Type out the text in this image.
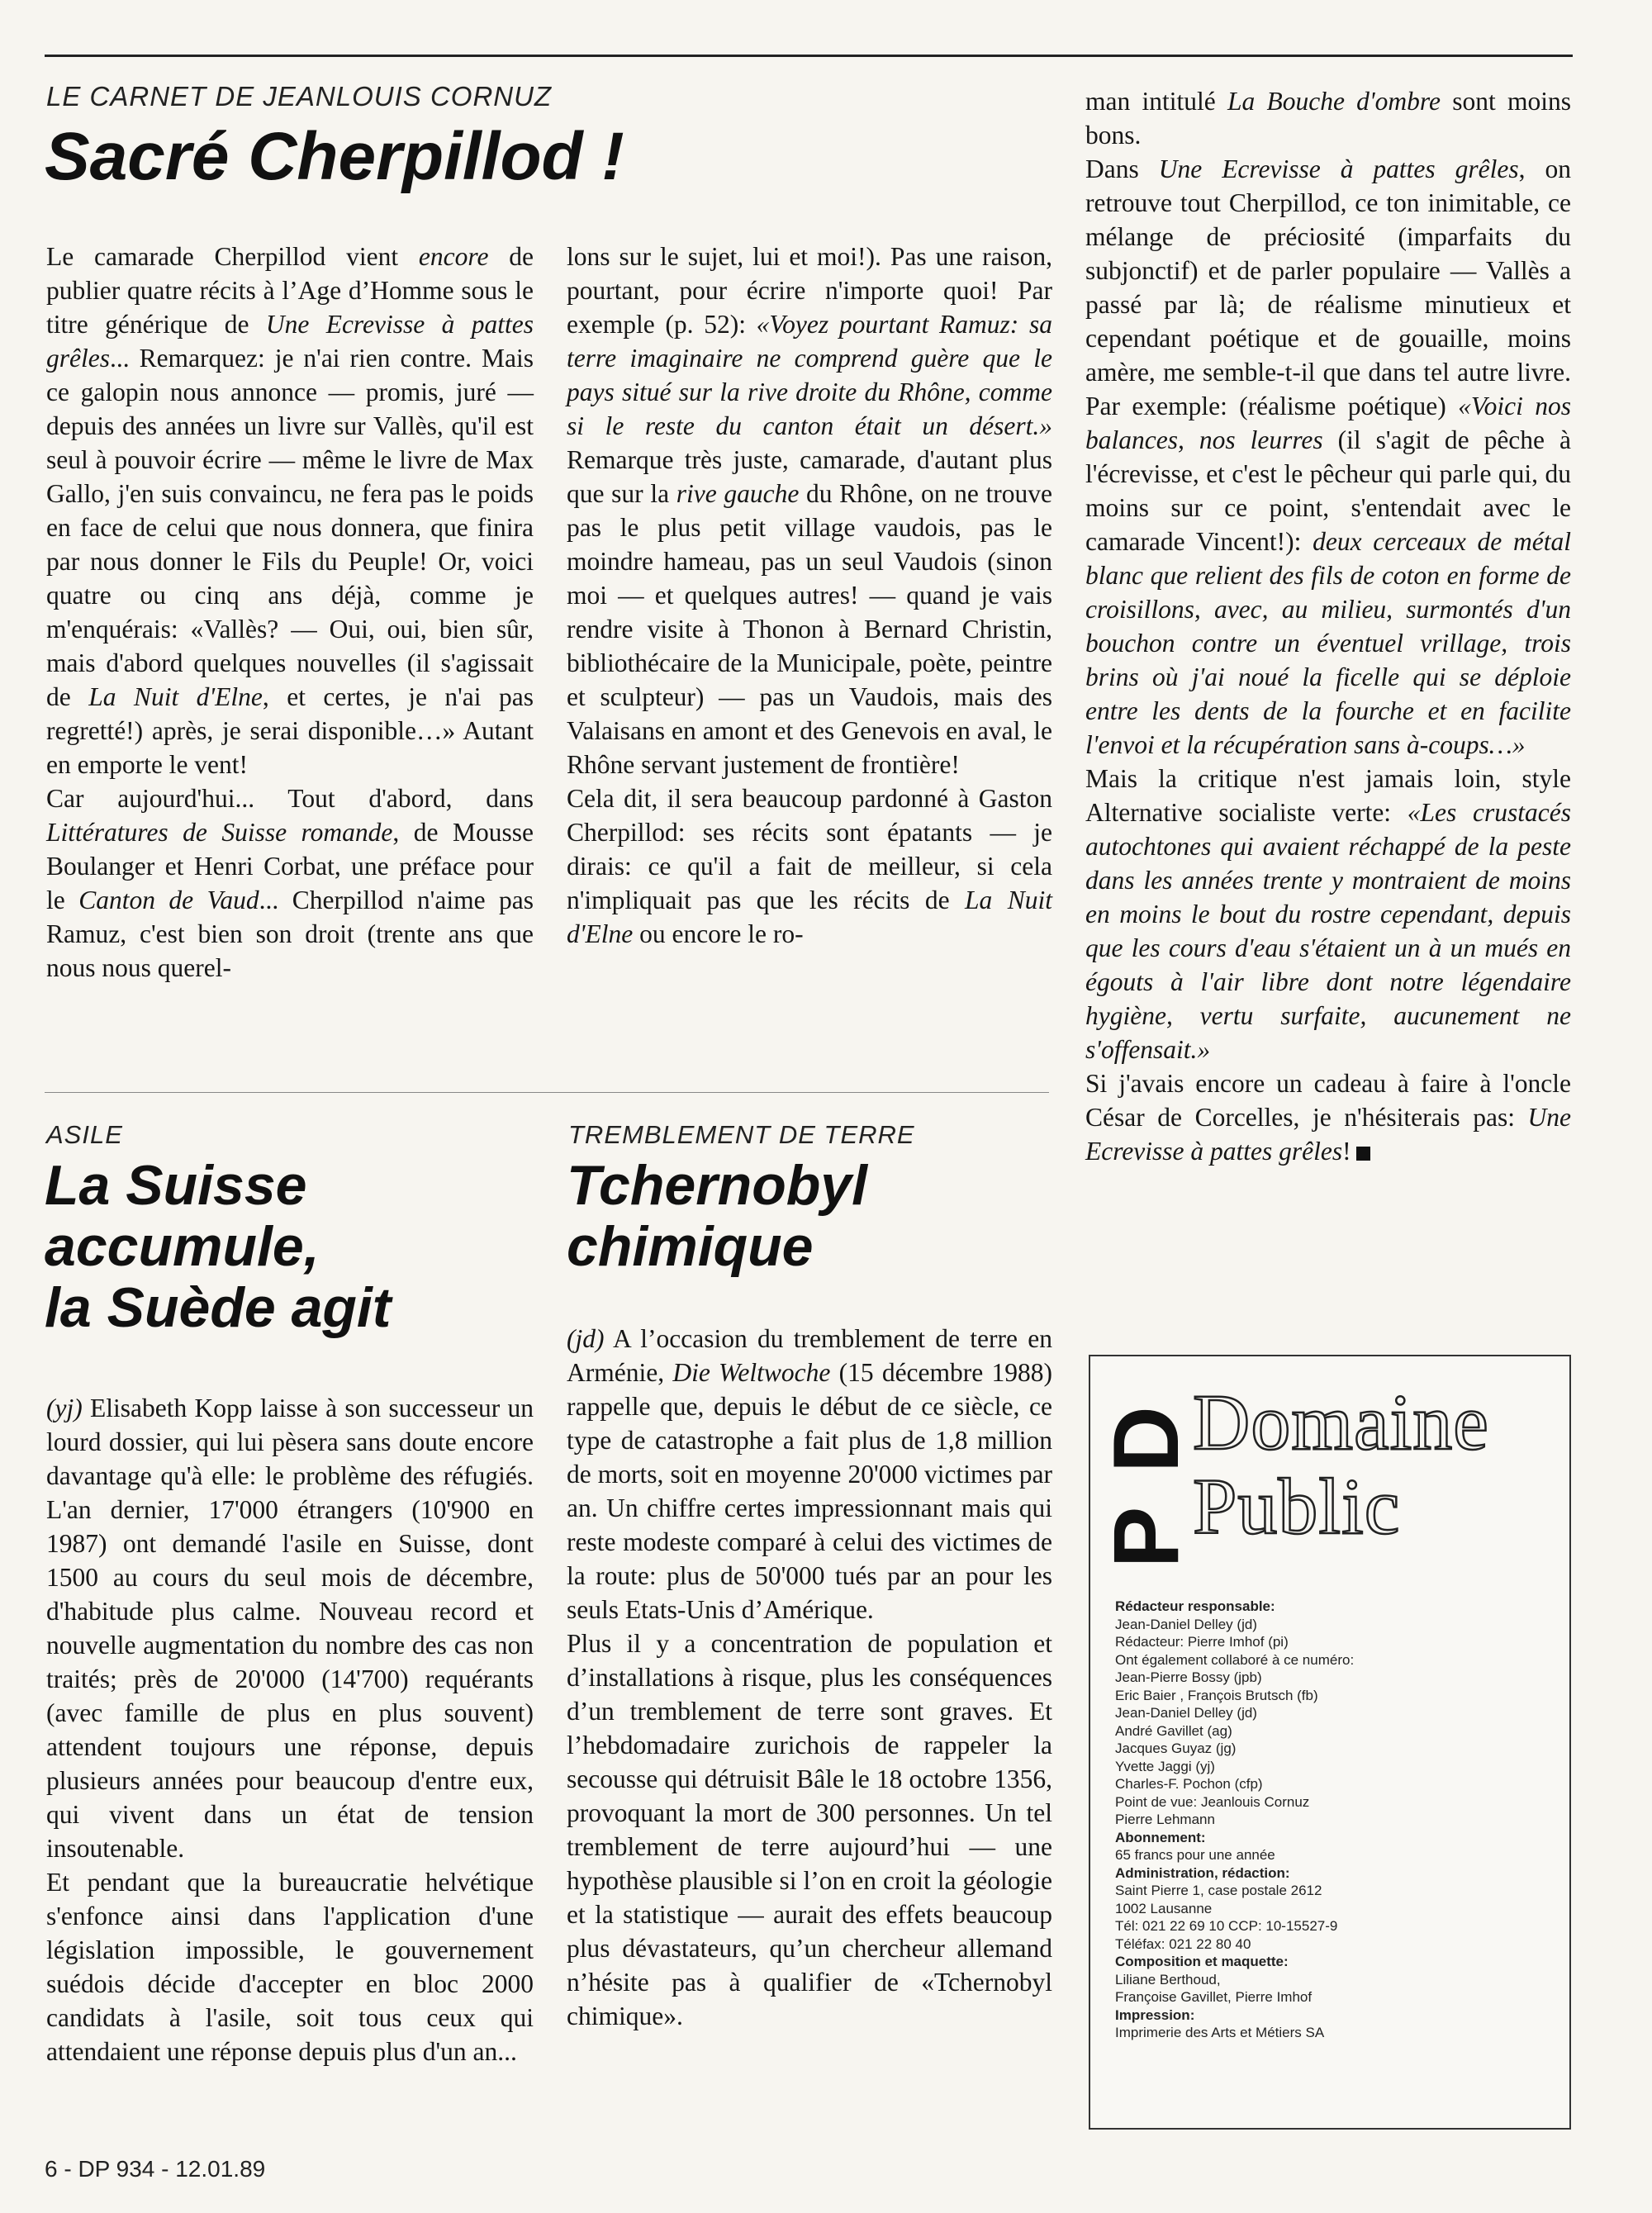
LE CARNET DE JEANLOUIS CORNUZ
Sacré Cherpillod !

Le camarade Cherpillod vient encore de publier quatre récits à l’Age d’Homme sous le titre générique de Une Ecrevisse à pattes grêles... Remarquez: je n'ai rien contre. Mais ce galopin nous annonce — promis, juré — depuis des années un livre sur Vallès, qu'il est seul à pouvoir écrire — même le livre de Max Gallo, j'en suis convaincu, ne fera pas le poids en face de celui que nous donnera, que finira par nous donner le Fils du Peuple! Or, voici quatre ou cinq ans déjà, comme je m'enquérais: «Vallès? — Oui, oui, bien sûr, mais d'abord quelques nouvelles (il s'agissait de La Nuit d'Elne, et certes, je n'ai pas regretté!) après, je serai disponible…» Autant en emporte le vent!

Car aujourd'hui... Tout d'abord, dans Littératures de Suisse romande, de Mousse Boulanger et Henri Corbat, une préface pour le Canton de Vaud... Cherpillod n'aime pas Ramuz, c'est bien son droit (trente ans que nous nous querel-

lons sur le sujet, lui et moi!). Pas une raison, pourtant, pour écrire n'importe quoi! Par exemple (p. 52): «Voyez pourtant Ramuz: sa terre imaginaire ne comprend guère que le pays situé sur la rive droite du Rhône, comme si le reste du canton était un désert.» Remarque très juste, camarade, d'autant plus que sur la rive gauche du Rhône, on ne trouve pas le plus petit village vaudois, pas le moindre hameau, pas un seul Vaudois (sinon moi — et quelques autres! — quand je vais rendre visite à Thonon à Bernard Christin, bibliothécaire de la Municipale, poète, peintre et sculpteur) — pas un Vaudois, mais des Valaisans en amont et des Genevois en aval, le Rhône servant justement de frontière!

Cela dit, il sera beaucoup pardonné à Gaston Cherpillod: ses récits sont épatants — je dirais: ce qu'il a fait de meilleur, si cela n'impliquait pas que les récits de La Nuit d'Elne ou encore le ro-

man intitulé La Bouche d'ombre sont moins bons.

Dans Une Ecrevisse à pattes grêles, on retrouve tout Cherpillod, ce ton inimitable, ce mélange de préciosité (imparfaits du subjonctif) et de parler populaire — Vallès a passé par là; de réalisme minutieux et cependant poétique et de gouaille, moins amère, me semble-t-il que dans tel autre livre. Par exemple: (réalisme poétique) «Voici nos balances, nos leurres (il s'agit de pêche à l'écrevisse, et c'est le pêcheur qui parle qui, du moins sur ce point, s'entendait avec le camarade Vincent!): deux cerceaux de métal blanc que relient des fils de coton en forme de croisillons, avec, au milieu, surmontés d'un bouchon contre un éventuel vrillage, trois brins où j'ai noué la ficelle qui se déploie entre les dents de la fourche et en facilite l'envoi et la récupération sans à-coups…»

Mais la critique n'est jamais loin, style Alternative socialiste verte: «Les crustacés autochtones qui avaient réchappé de la peste dans les années trente y montraient de moins en moins le bout du rostre cependant, depuis que les cours d'eau s'étaient un à un mués en égouts à l'air libre dont notre légendaire hygiène, vertu surfaite, aucunement ne s'offensait.»

Si j'avais encore un cadeau à faire à l'oncle César de Corcelles, je n'hésiterais pas: Une Ecrevisse à pattes grêles!

ASILE
La Suisse
accumule,
la Suède agit

(yj) Elisabeth Kopp laisse à son successeur un lourd dossier, qui lui pèsera sans doute encore davantage qu'à elle: le problème des réfugiés. L'an dernier, 17'000 étrangers (10'900 en 1987) ont demandé l'asile en Suisse, dont 1500 au cours du seul mois de décembre, d'habitude plus calme. Nouveau record et nouvelle augmentation du nombre des cas non traités; près de 20'000 (14'700) requérants (avec famille de plus en plus souvent) attendent toujours une réponse, depuis plusieurs années pour beaucoup d'entre eux, qui vivent dans un état de tension insoutenable.

Et pendant que la bureaucratie helvétique s'enfonce ainsi dans l'application d'une législation impossible, le gouvernement suédois décide d'accepter en bloc 2000 candidats à l'asile, soit tous ceux qui attendaient une réponse depuis plus d'un an...

TREMBLEMENT DE TERRE
Tchernobyl
chimique

(jd) A l’occasion du tremblement de terre en Arménie, Die Weltwoche (15 décembre 1988) rappelle que, depuis le début de ce siècle, ce type de catastrophe a fait plus de 1,8 million de morts, soit en moyenne 20'000 victimes par an. Un chiffre certes impressionnant mais qui reste modeste comparé à celui des victimes de la route: plus de 50'000 tués par an pour les seuls Etats-Unis d’Amérique.

Plus il y a concentration de population et d’installations à risque, plus les conséquences d’un tremblement de terre sont graves. Et l’hebdomadaire zurichois de rappeler la secousse qui détruisit Bâle le 18 octobre 1356, provoquant la mort de 300 personnes. Un tel tremblement de terre aujourd’hui — une hypothèse plausible si l’on en croit la géologie et la statistique — aurait des effets beaucoup plus dévastateurs, qu’un chercheur allemand n’hésite pas à qualifier de «Tchernobyl chimique».

D
P
Domaine
Public
Rédacteur responsable:
Jean-Daniel Delley (jd)
Rédacteur: Pierre Imhof (pi)
Ont également collaboré à ce numéro:
Jean-Pierre Bossy (jpb)
Eric Baier , François Brutsch (fb)
Jean-Daniel Delley (jd)
André Gavillet (ag)
Jacques Guyaz (jg)
Yvette Jaggi (yj)
Charles-F. Pochon (cfp)
Point de vue: Jeanlouis Cornuz
Pierre Lehmann
Abonnement:
65 francs pour une année
Administration, rédaction:
Saint Pierre 1, case postale 2612
1002 Lausanne
Tél: 021 22 69 10 CCP: 10-15527-9
Téléfax: 021 22 80 40
Composition et maquette:
Liliane Berthoud,
Françoise Gavillet, Pierre Imhof
Impression:
Imprimerie des Arts et Métiers SA
6 - DP 934 - 12.01.89
